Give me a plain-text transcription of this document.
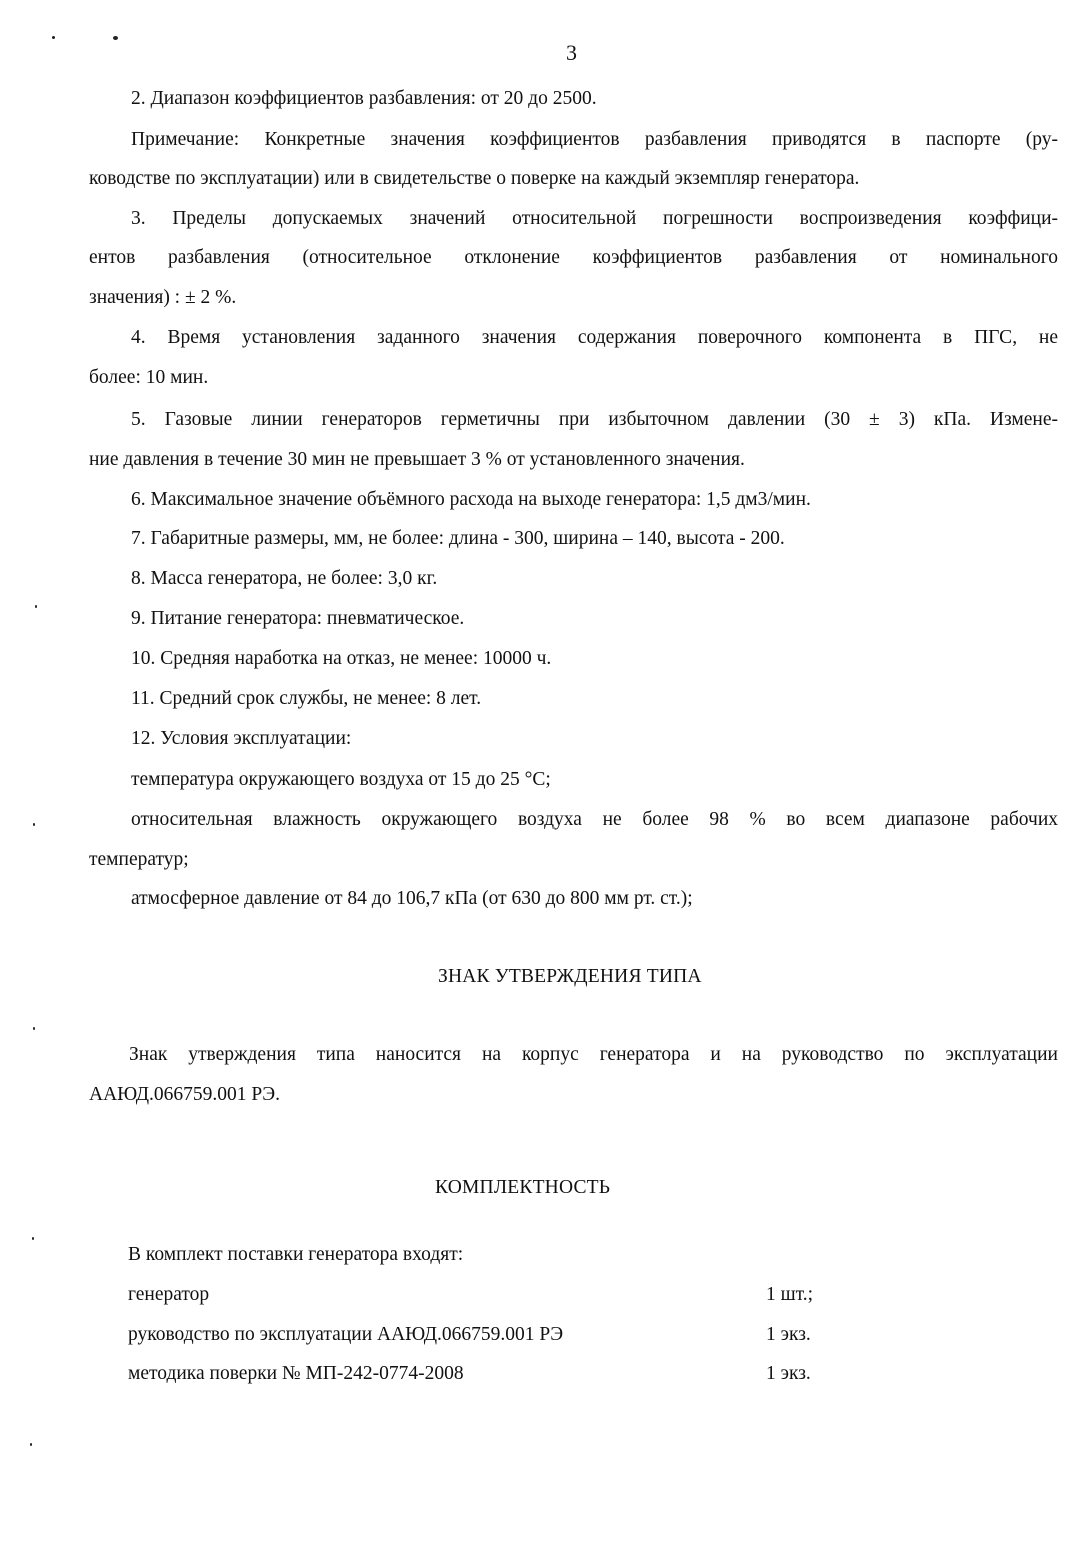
3
2. Диапазон коэффициентов разбавления: от 20 до 2500.
Примечание: Конкретные значения коэффициентов разбавления приводятся в паспорте (ру-
ководстве по эксплуатации) или в свидетельстве о поверке на каждый экземпляр генератора.
3. Пределы допускаемых значений относительной погрешности воспроизведения коэффици-
ентов разбавления (относительное отклонение коэффициентов разбавления от номинального
значения) : ± 2 %.
4. Время установления заданного значения содержания поверочного компонента в ПГС, не
более: 10 мин.
5. Газовые линии генераторов герметичны при избыточном давлении (30 ± 3) кПа. Измене-
ние давления в течение 30 мин не превышает 3 % от установленного значения.
6. Максимальное значение объёмного расхода на выходе генератора: 1,5 дм3/мин.
7. Габаритные размеры, мм, не более: длина - 300, ширина – 140, высота - 200.
8. Масса генератора, не более: 3,0 кг.
9. Питание генератора: пневматическое.
10. Средняя наработка на отказ, не менее: 10000 ч.
11. Средний срок службы, не менее: 8 лет.
12. Условия эксплуатации:
температура окружающего воздуха от 15 до 25 °С;
относительная влажность окружающего воздуха не более 98 % во всем диапазоне рабочих
температур;
атмосферное давление от 84 до 106,7 кПа (от 630 до 800 мм рт. ст.);
ЗНАК УТВЕРЖДЕНИЯ ТИПА
Знак утверждения типа наносится на корпус генератора и на руководство по эксплуатации
ААЮД.066759.001 РЭ.
КОМПЛЕКТНОСТЬ
В комплект поставки генератора входят:
генератор	1 шт.;
руководство по эксплуатации ААЮД.066759.001 РЭ	1 экз.
методика поверки № МП-242-0774-2008	1 экз.
